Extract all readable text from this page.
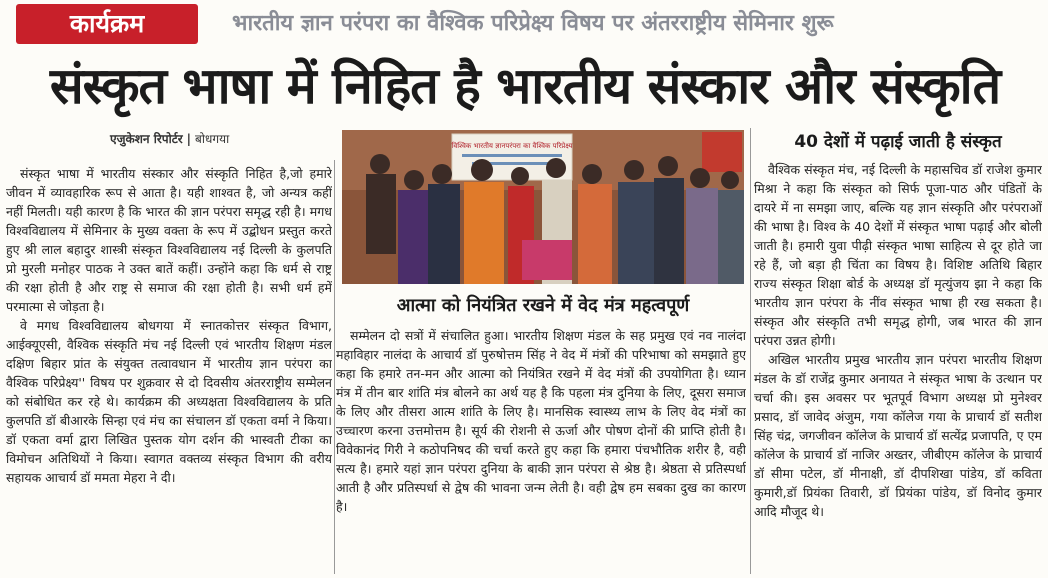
कार्यक्रम	भारतीय ज्ञान परंपरा का वैश्विक परिप्रेक्ष्य विषय पर अंतरराष्ट्रीय सेमिनार शुरू
संस्कृत भाषा में निहित है भारतीय संस्कार और संस्कृति
एजुकेशन रिपोर्टर | बोधगया

संस्कृत भाषा में भारतीय संस्कार और संस्कृति निहित है,जो हमारे जीवन में व्यावहारिक रूप से आता है। यही शाश्वत है, जो अन्यत्र कहीं नहीं मिलती। यही कारण है कि भारत की ज्ञान परंपरा समृद्ध रही है। मगध विश्वविद्यालय में सेमिनार के मुख्य वक्ता के रूप में उद्बोधन प्रस्तुत करते हुए श्री लाल बहादुर शास्त्री संस्कृत विश्वविद्यालय नई दिल्ली के कुलपति प्रो मुरली मनोहर पाठक ने उक्त बातें कहीं। उन्होंने कहा कि धर्म से राष्ट्र की रक्षा होती है और राष्ट्र से समाज की रक्षा होती है। सभी धर्म हमें परमात्मा से जोड़ता है।

वे मगध विश्वविद्यालय बोधगया में स्नातकोत्तर संस्कृत विभाग, आईक्यूएसी, वैश्विक संस्कृति मंच नई दिल्ली एवं भारतीय शिक्षण मंडल दक्षिण बिहार प्रांत के संयुक्त तत्वावधान में भारतीय ज्ञान परंपरा का वैश्विक परिप्रेक्ष्य'' विषय पर शुक्रवार से दो दिवसीय अंतरराष्ट्रीय सम्मेलन को संबोधित कर रहे थे। कार्यक्रम की अध्यक्षता विश्वविद्यालय के प्रति कुलपति डॉ बीआरके सिन्हा एवं मंच का संचालन डॉ एकता वर्मा ने किया। डॉ एकता वर्मा द्वारा लिखित पुस्तक योग दर्शन की भास्वती टीका का विमोचन अतिथियों ने किया। स्वागत वक्तव्य संस्कृत विभाग की वरीय सहायक आचार्य डॉ ममता मेहरा ने दी।

विश्विक भारतीय ज्ञानपरंपरा का वैश्विक परिप्रेक्ष्य
आत्मा को नियंत्रित रखने में वेद मंत्र महत्वपूर्ण

सम्मेलन दो सत्रों में संचालित हुआ। भारतीय शिक्षण मंडल के सह प्रमुख एवं नव नालंदा महाविहार नालंदा के आचार्य डॉ पुरुषोत्तम सिंह ने वेद में मंत्रों की परिभाषा को समझाते हुए कहा कि हमारे तन-मन और आत्मा को नियंत्रित रखने में वेद मंत्रों की उपयोगिता है। ध्यान मंत्र में तीन बार शांति मंत्र बोलने का अर्थ यह है कि पहला मंत्र दुनिया के लिए, दूसरा समाज के लिए और तीसरा आत्म शांति के लिए है। मानसिक स्वास्थ्य लाभ के लिए वेद मंत्रों का उच्चारण करना उत्तमोत्तम है। सूर्य की रोशनी से ऊर्जा और पोषण दोनों की प्राप्ति होती है। विवेकानंद गिरी ने कठोपनिषद की चर्चा करते हुए कहा कि हमारा पंचभौतिक शरीर है, वही सत्य है। हमारे यहां ज्ञान परंपरा दुनिया के बाकी ज्ञान परंपरा से श्रेष्ठ है। श्रेष्ठता से प्रतिस्पर्धा आती है और प्रतिस्पर्धा से द्वेष की भावना जन्म लेती है। वही द्वेष हम सबका दुख का कारण है।

40 देशों में पढ़ाई जाती है संस्कृत

वैश्विक संस्कृत मंच, नई दिल्ली के महासचिव डॉ राजेश कुमार मिश्रा ने कहा कि संस्कृत को सिर्फ पूजा-पाठ और पंडितों के दायरे में ना समझा जाए, बल्कि यह ज्ञान संस्कृति और परंपराओं की भाषा है। विश्व के 40 देशों में संस्कृत भाषा पढ़ाई और बोली जाती है। हमारी युवा पीढ़ी संस्कृत भाषा साहित्य से दूर होते जा रहे हैं, जो बड़ा ही चिंता का विषय है। विशिष्ट अतिथि बिहार राज्य संस्कृत शिक्षा बोर्ड के अध्यक्ष डॉ मृत्युंजय झा ने कहा कि भारतीय ज्ञान परंपरा के नींव संस्कृत भाषा ही रख सकता है। संस्कृत और संस्कृति तभी समृद्ध होगी, जब भारत की ज्ञान परंपरा उन्नत होगी।

अखिल भारतीय प्रमुख भारतीय ज्ञान परंपरा भारतीय शिक्षण मंडल के डॉ राजेंद्र कुमार अनायत ने संस्कृत भाषा के उत्थान पर चर्चा की। इस अवसर पर भूतपूर्व विभाग अध्यक्ष प्रो मुनेश्वर प्रसाद, डॉ जावेद अंजुम, गया कॉलेज गया के प्राचार्य डॉ सतीश सिंह चंद्र, जगजीवन कॉलेज के प्राचार्य डॉ सत्येंद्र प्रजापति, ए एम कॉलेज के प्राचार्य डॉ नाजिर अख्तर, जीबीएम कॉलेज के प्राचार्य डॉ सीमा पटेल, डॉ मीनाक्षी, डॉ दीपशिखा पांडेय, डॉ कविता कुमारी,डॉ प्रियंका तिवारी, डॉ प्रियंका पांडेय, डॉ विनोद कुमार आदि मौजूद थे।
